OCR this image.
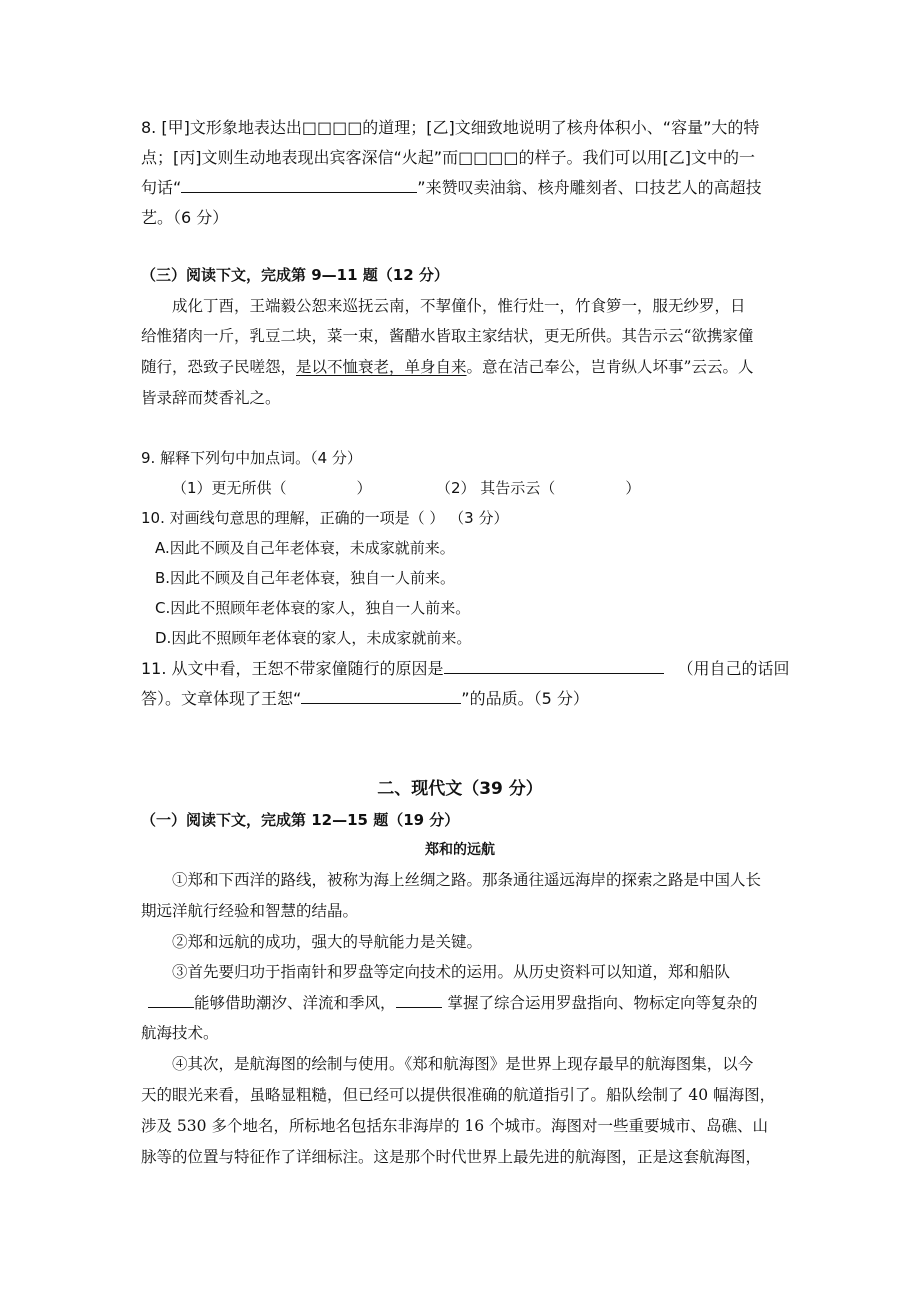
8. [甲]文形象地表达出□□□□的道理；[乙]文细致地说明了核舟体积小、“容量”大的特
点；[丙]文则生动地表现出宾客深信“火起”而□□□□的样子。我们可以用[乙]文中的一
句话“	”来赞叹卖油翁、核舟雕刻者、口技艺人的高超技
艺。（6 分）
（三）阅读下文，完成第 9—11 题（12 分）
成化丁酉，王端毅公恕来巡抚云南，不挈僮仆，惟行灶一，竹食箩一，服无纱罗，日
给惟猪肉一斤，乳豆二块，菜一束，酱醋水皆取主家结状，更无所供。其告示云“欲携家僮
随行，恐致子民嗟怨，是以不恤衰老，单身自来。意在洁己奉公，岂肯纵人坏事”云云。人
皆录辞而焚香礼之。
9. 解释下列句中加点词。（4 分）
（1）更无所供（	）	（2） 其告示云（	）
10. 对画线句意思的理解，正确的一项是（ ） （3 分）
A.因此不顾及自己年老体衰，未成家就前来。
B.因此不顾及自己年老体衰，独自一人前来。
C.因此不照顾年老体衰的家人，独自一人前来。
D.因此不照顾年老体衰的家人，未成家就前来。
11. 从文中看，王恕不带家僮随行的原因是	（用自己的话回
答）。文章体现了王恕“	”的品质。（5 分）
二、现代文（39 分）
（一）阅读下文，完成第 12—15 题（19 分）
郑和的远航
①郑和下西洋的路线，被称为海上丝绸之路。那条通往遥远海岸的探索之路是中国人长
期远洋航行经验和智慧的结晶。
②郑和远航的成功，强大的导航能力是关键。
③首先要归功于指南针和罗盘等定向技术的运用。从历史资料可以知道，郑和船队
能够借助潮汐、洋流和季风，	掌握了综合运用罗盘指向、物标定向等复杂的
航海技术。
④其次，是航海图的绘制与使用。《郑和航海图》是世界上现存最早的航海图集，以今
天的眼光来看，虽略显粗糙，但已经可以提供很准确的航道指引了。船队绘制了 40 幅海图，
涉及 530 多个地名，所标地名包括东非海岸的 16 个城市。海图对一些重要城市、岛礁、山
脉等的位置与特征作了详细标注。这是那个时代世界上最先进的航海图，正是这套航海图，
